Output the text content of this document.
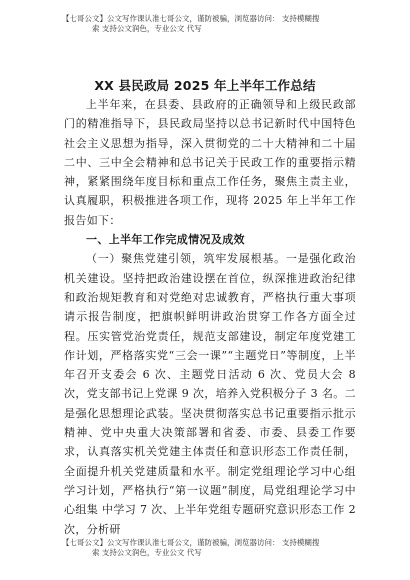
【七哥公文】公文写作课认准七哥公文，谨防被骗，浏览器访问： 支持模糊搜
索 支持公文润色，专业公文 代写
XX 县民政局 2025 年上半年工作总结

上半年来，在县委、县政府的正确领导和上级民政部门的精准指导下，县民政局坚持以总书记新时代中国特色社会主义思想为指导，深入贯彻党的二十大精神和二十届二中、三中全会精神和总书记关于民政工作的重要指示精神，紧紧围绕年度目标和重点工作任务，聚焦主责主业，认真履职，积极推进各项工作，现将 2025 年上半年工作报告如下：

一、上半年工作完成情况及成效

（一）聚焦党建引领，筑牢发展根基。一是强化政治机关建设。坚持把政治建设摆在首位，纵深推进政治纪律和政治规矩教育和对党绝对忠诚教育，严格执行重大事项请示报告制度，把旗帜鲜明讲政治贯穿工作各方面全过程。压实管党治党责任，规范支部建设，制定年度党建工作计划，严格落实党“三会一课”“主题党日”等制度，上半年召开支委会 6 次、主题党日活动 6 次、党员大会 8 次，党支部书记上党课 9 次，培养入党积极分子 3 名。二是强化思想理论武装。坚决贯彻落实总书记重要指示批示精神、党中央重大决策部署和省委、市委、县委工作要求，认真落实机关党建主体责任和意识形态工作责任制，全面提升机关党建质量和水平。制定党组理论学习中心组学习计划，严格执行“第一议题”制度，局党组理论学习中心组集 中学习 7 次、上半年党组专题研究意识形态工作 2 次，分析研

【七哥公文】公文写作课认准七哥公文，谨防被骗，浏览器访问： 支持模糊搜
索 支持公文润色，专业公文 代写
